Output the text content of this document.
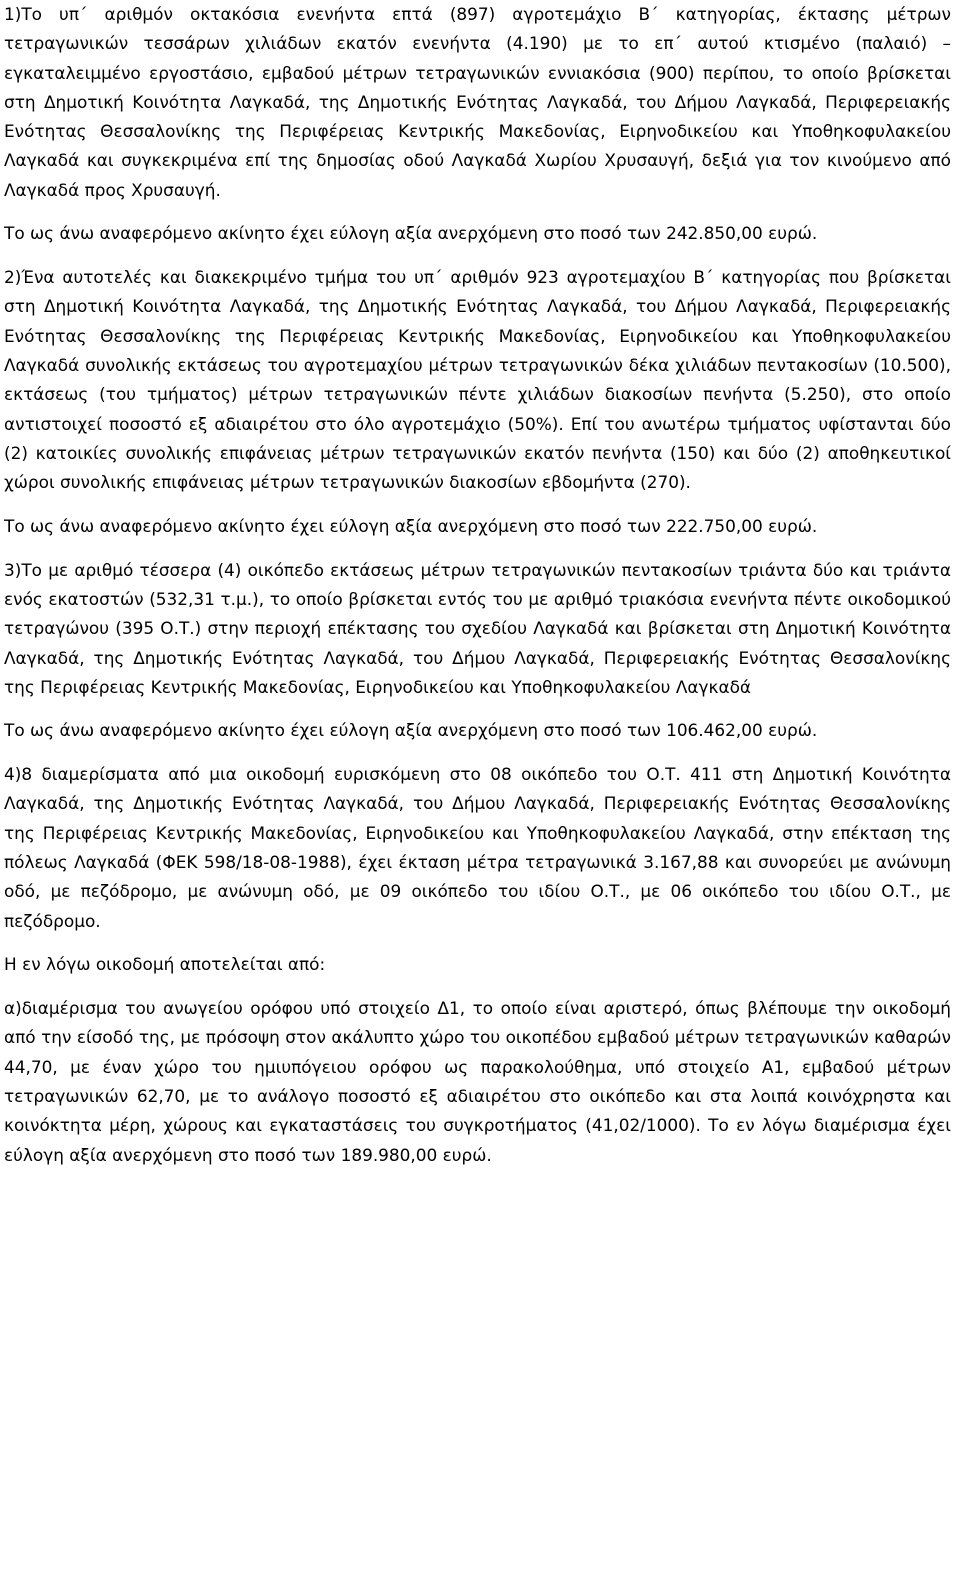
1)Το υπ΄ αριθμόν οκτακόσια ενενήντα επτά (897) αγροτεμάχιο Β΄ κατηγορίας, έκτασης μέτρων τετραγωνικών τεσσάρων χιλιάδων εκατόν ενενήντα (4.190) με το επ΄ αυτού κτισμένο (παλαιό) – εγκαταλειμμένο εργοστάσιο, εμβαδού μέτρων τετραγωνικών εννιακόσια (900) περίπου, το οποίο βρίσκεται στη Δημοτική Κοινότητα Λαγκαδά, της Δημοτικής Ενότητας Λαγκαδά, του Δήμου Λαγκαδά, Περιφερειακής Ενότητας Θεσσαλονίκης της Περιφέρειας Κεντρικής Μακεδονίας, Ειρηνοδικείου και Υποθηκοφυλακείου Λαγκαδά και συγκεκριμένα επί της δημοσίας οδού Λαγκαδά Χωρίου Χρυσαυγή, δεξιά για τον κινούμενο από Λαγκαδά προς Χρυσαυγή.

Το ως άνω αναφερόμενο ακίνητο έχει εύλογη αξία ανερχόμενη στο ποσό των 242.850,00 ευρώ.

2)Ένα αυτοτελές και διακεκριμένο τμήμα του υπ΄ αριθμόν 923 αγροτεμαχίου Β΄ κατηγορίας που βρίσκεται στη Δημοτική Κοινότητα Λαγκαδά, της Δημοτικής Ενότητας Λαγκαδά, του Δήμου Λαγκαδά, Περιφερειακής Ενότητας Θεσσαλονίκης της Περιφέρειας Κεντρικής Μακεδονίας, Ειρηνοδικείου και Υποθηκοφυλακείου Λαγκαδά συνολικής εκτάσεως του αγροτεμαχίου μέτρων τετραγωνικών δέκα χιλιάδων πεντακοσίων (10.500), εκτάσεως (του τμήματος) μέτρων τετραγωνικών πέντε χιλιάδων διακοσίων πενήντα (5.250), στο οποίο αντιστοιχεί ποσοστό εξ αδιαιρέτου στο όλο αγροτεμάχιο (50%). Επί του ανωτέρω τμήματος υφίστανται δύο (2) κατοικίες συνολικής επιφάνειας μέτρων τετραγωνικών εκατόν πενήντα (150) και δύο (2) αποθηκευτικοί χώροι συνολικής επιφάνειας μέτρων τετραγωνικών διακοσίων εβδομήντα (270).

Το ως άνω αναφερόμενο ακίνητο έχει εύλογη αξία ανερχόμενη στο ποσό των 222.750,00 ευρώ.

3)Το με αριθμό τέσσερα (4) οικόπεδο εκτάσεως μέτρων τετραγωνικών πεντακοσίων τριάντα δύο και τριάντα ενός εκατοστών (532,31 τ.μ.), το οποίο βρίσκεται εντός του με αριθμό τριακόσια ενενήντα πέντε οικοδομικού τετραγώνου (395 Ο.Τ.) στην περιοχή επέκτασης του σχεδίου Λαγκαδά και βρίσκεται στη Δημοτική Κοινότητα Λαγκαδά, της Δημοτικής Ενότητας Λαγκαδά, του Δήμου Λαγκαδά, Περιφερειακής Ενότητας Θεσσαλονίκης της Περιφέρειας Κεντρικής Μακεδονίας, Ειρηνοδικείου και Υποθηκοφυλακείου Λαγκαδά

Το ως άνω αναφερόμενο ακίνητο έχει εύλογη αξία ανερχόμενη στο ποσό των 106.462,00 ευρώ.

4)8 διαμερίσματα από μια οικοδομή ευρισκόμενη στο 08 οικόπεδο του Ο.Τ. 411 στη Δημοτική Κοινότητα Λαγκαδά, της Δημοτικής Ενότητας Λαγκαδά, του Δήμου Λαγκαδά, Περιφερειακής Ενότητας Θεσσαλονίκης της Περιφέρειας Κεντρικής Μακεδονίας, Ειρηνοδικείου και Υποθηκοφυλακείου Λαγκαδά, στην επέκταση της πόλεως Λαγκαδά (ΦΕΚ 598/18-08-1988), έχει έκταση μέτρα τετραγωνικά 3.167,88 και συνορεύει με ανώνυμη οδό, με πεζόδρομο, με ανώνυμη οδό, με 09 οικόπεδο του ιδίου Ο.Τ., με 06 οικόπεδο του ιδίου Ο.Τ., με πεζόδρομο.

Η εν λόγω οικοδομή αποτελείται από:

α)διαμέρισμα του ανωγείου ορόφου υπό στοιχείο Δ1, το οποίο είναι αριστερό, όπως βλέπουμε την οικοδομή από την είσοδό της, με πρόσοψη στον ακάλυπτο χώρο του οικοπέδου εμβαδού μέτρων τετραγωνικών καθαρών 44,70, με έναν χώρο του ημιυπόγειου ορόφου ως παρακολούθημα, υπό στοιχείο Α1, εμβαδού μέτρων τετραγωνικών 62,70, με το ανάλογο ποσοστό εξ αδιαιρέτου στο οικόπεδο και στα λοιπά κοινόχρηστα και κοινόκτητα μέρη, χώρους και εγκαταστάσεις του συγκροτήματος (41,02/1000). Το εν λόγω διαμέρισμα έχει εύλογη αξία ανερχόμενη στο ποσό των 189.980,00 ευρώ.
